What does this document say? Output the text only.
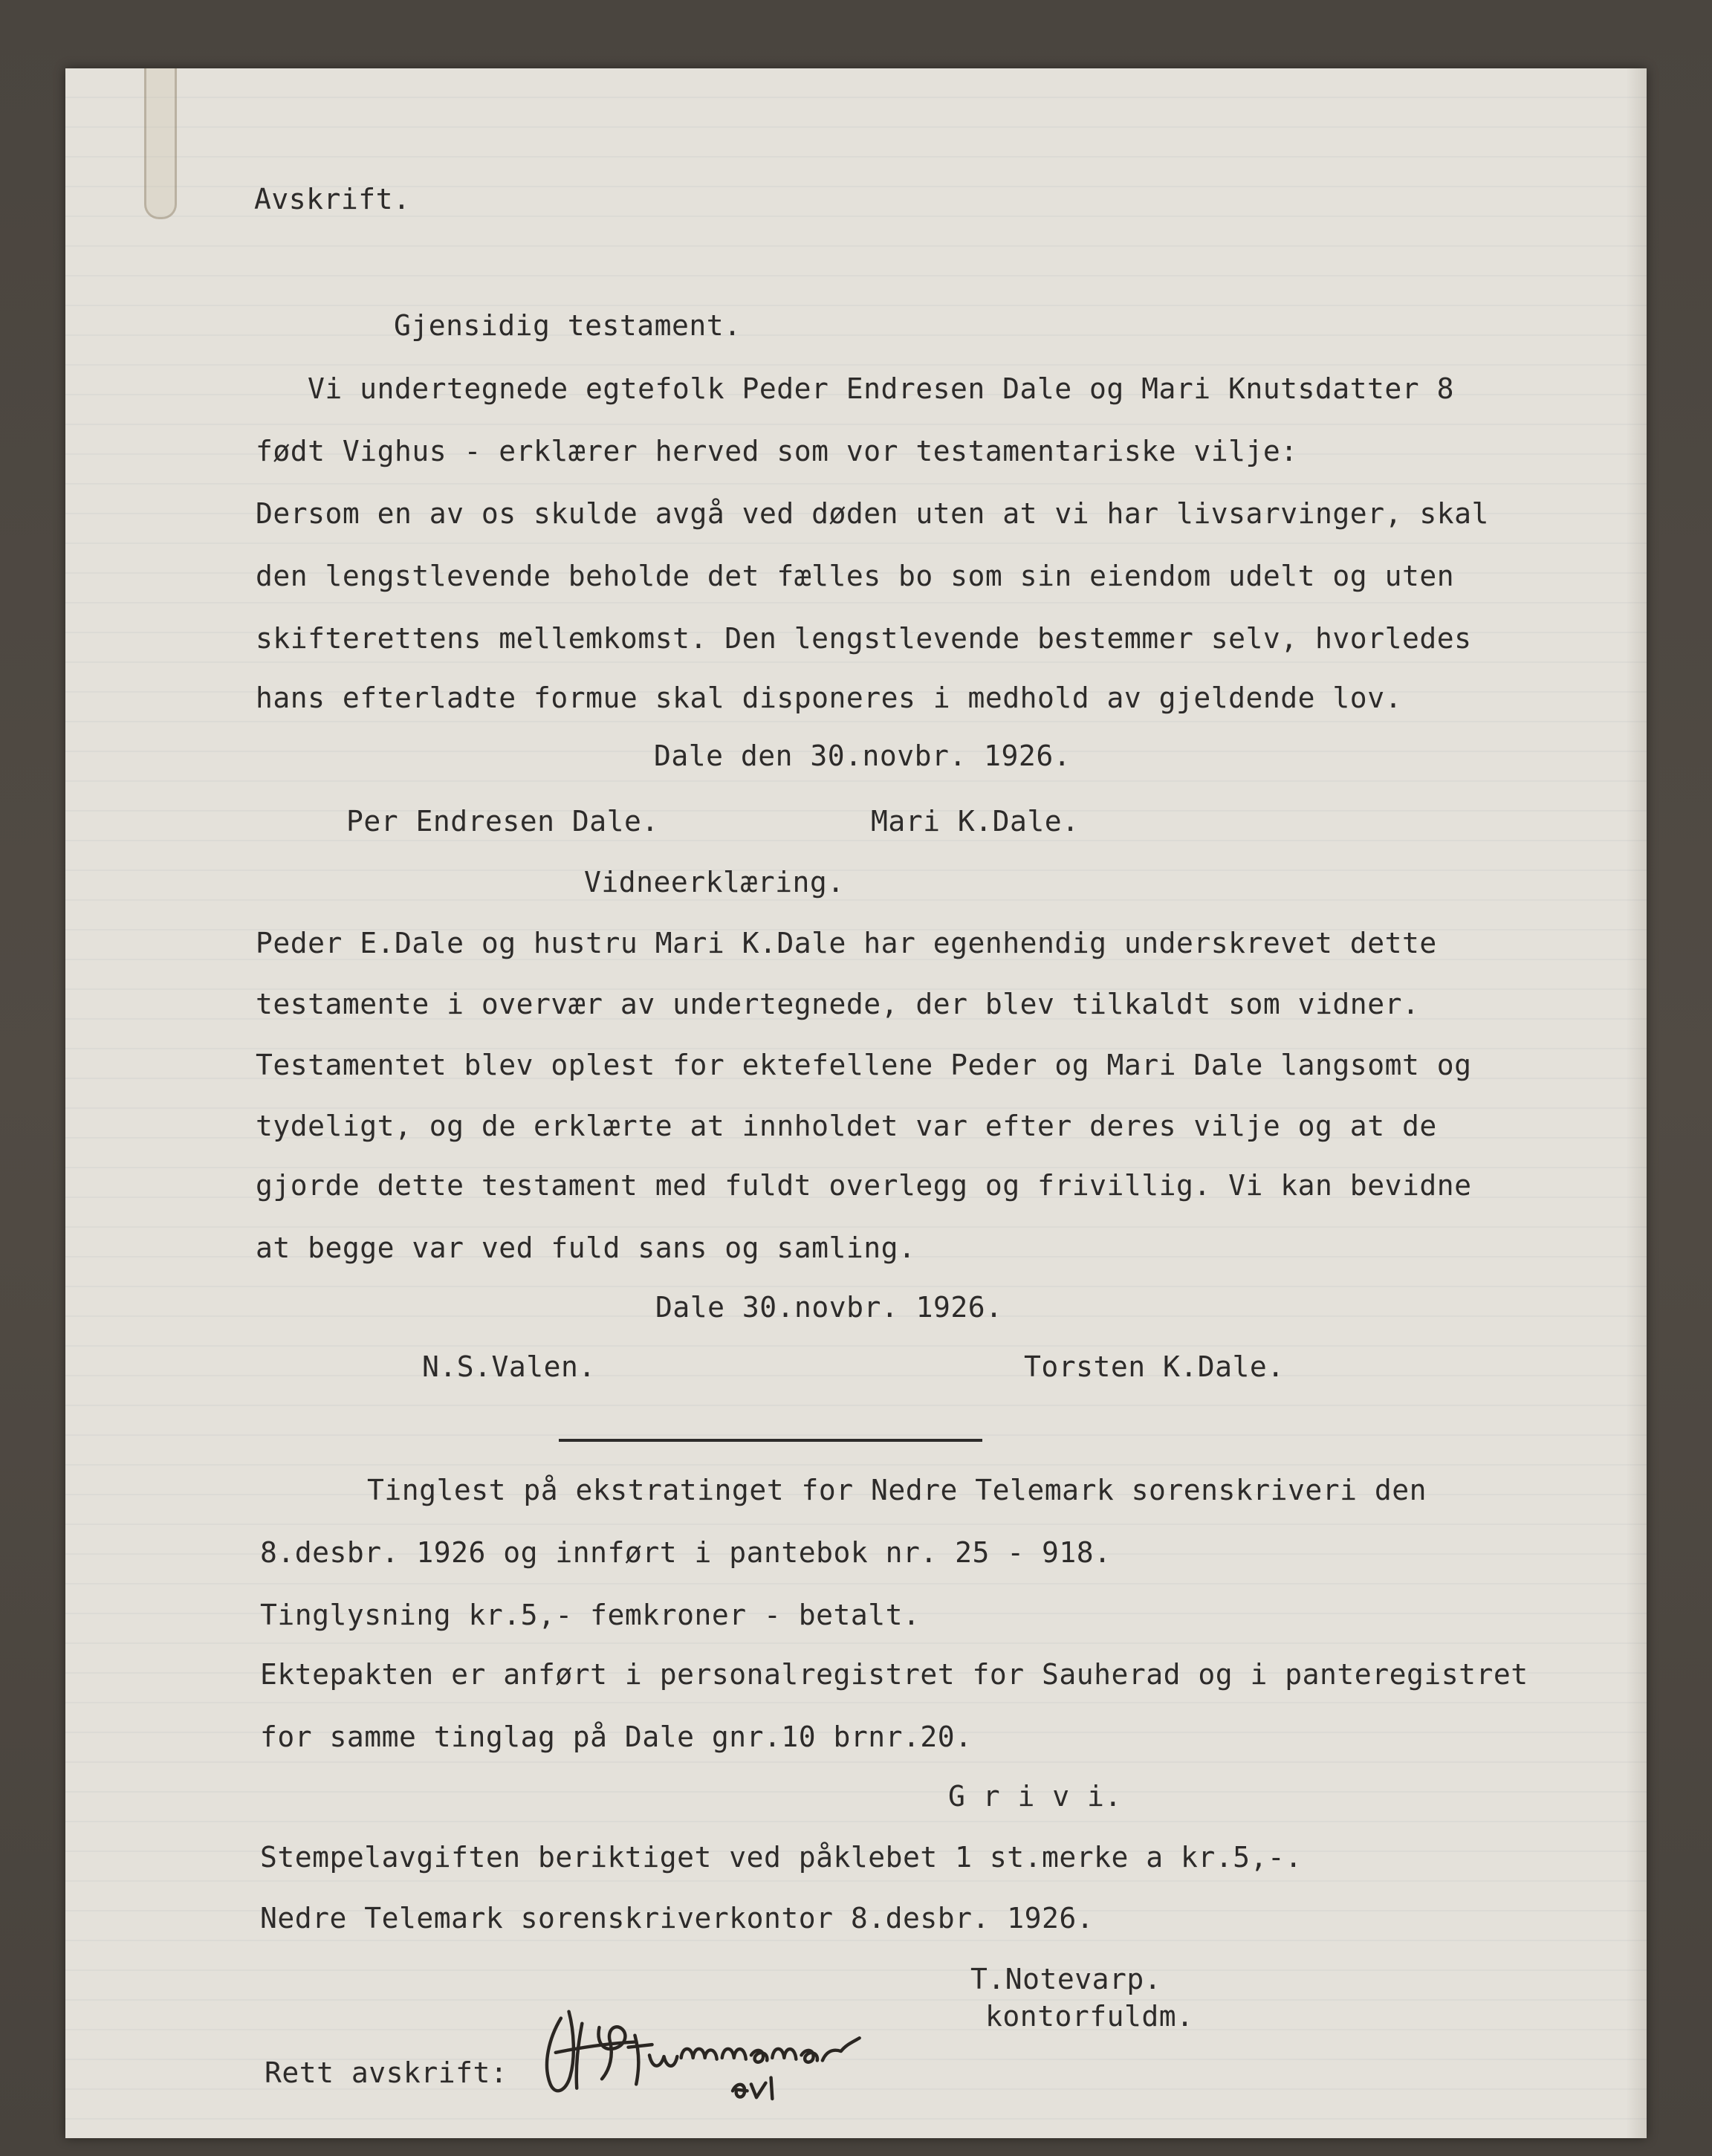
Avskrift.
Gjensidig testament.
Vi undertegnede egtefolk Peder Endresen Dale og Mari Knutsdatter 8
født Vighus - erklærer herved som vor testamentariske vilje:
Dersom en av os skulde avgå ved døden uten at vi har livsarvinger, skal
den lengstlevende beholde det fælles bo som sin eiendom udelt og uten
skifterettens mellemkomst. Den lengstlevende bestemmer selv, hvorledes
hans efterladte formue skal disponeres i medhold av gjeldende lov.
Dale den 30.novbr. 1926.
Per Endresen Dale.	Mari K.Dale.
Vidneerklæring.
Peder E.Dale og hustru Mari K.Dale har egenhendig underskrevet dette
testamente i overvær av undertegnede, der blev tilkaldt som vidner.
Testamentet blev oplest for ektefellene Peder og Mari Dale langsomt og
tydeligt, og de erklærte at innholdet var efter deres vilje og at de
gjorde dette testament med fuldt overlegg og frivillig. Vi kan bevidne
at begge var ved fuld sans og samling.
Dale 30.novbr. 1926.
N.S.Valen.	Torsten K.Dale.
Tinglest på ekstratinget for Nedre Telemark sorenskriveri den
8.desbr. 1926 og innført i pantebok nr. 25 - 918.
Tinglysning kr.5,- femkroner - betalt.
Ektepakten er anført i personalregistret for Sauherad og i panteregistret
for samme tinglag på Dale gnr.10 brnr.20.
G r i v i.
Stempelavgiften beriktiget ved påklebet 1 st.merke a kr.5,-.
Nedre Telemark sorenskriverkontor 8.desbr. 1926.
T.Notevarp.
kontorfuldm.
Rett avskrift:
